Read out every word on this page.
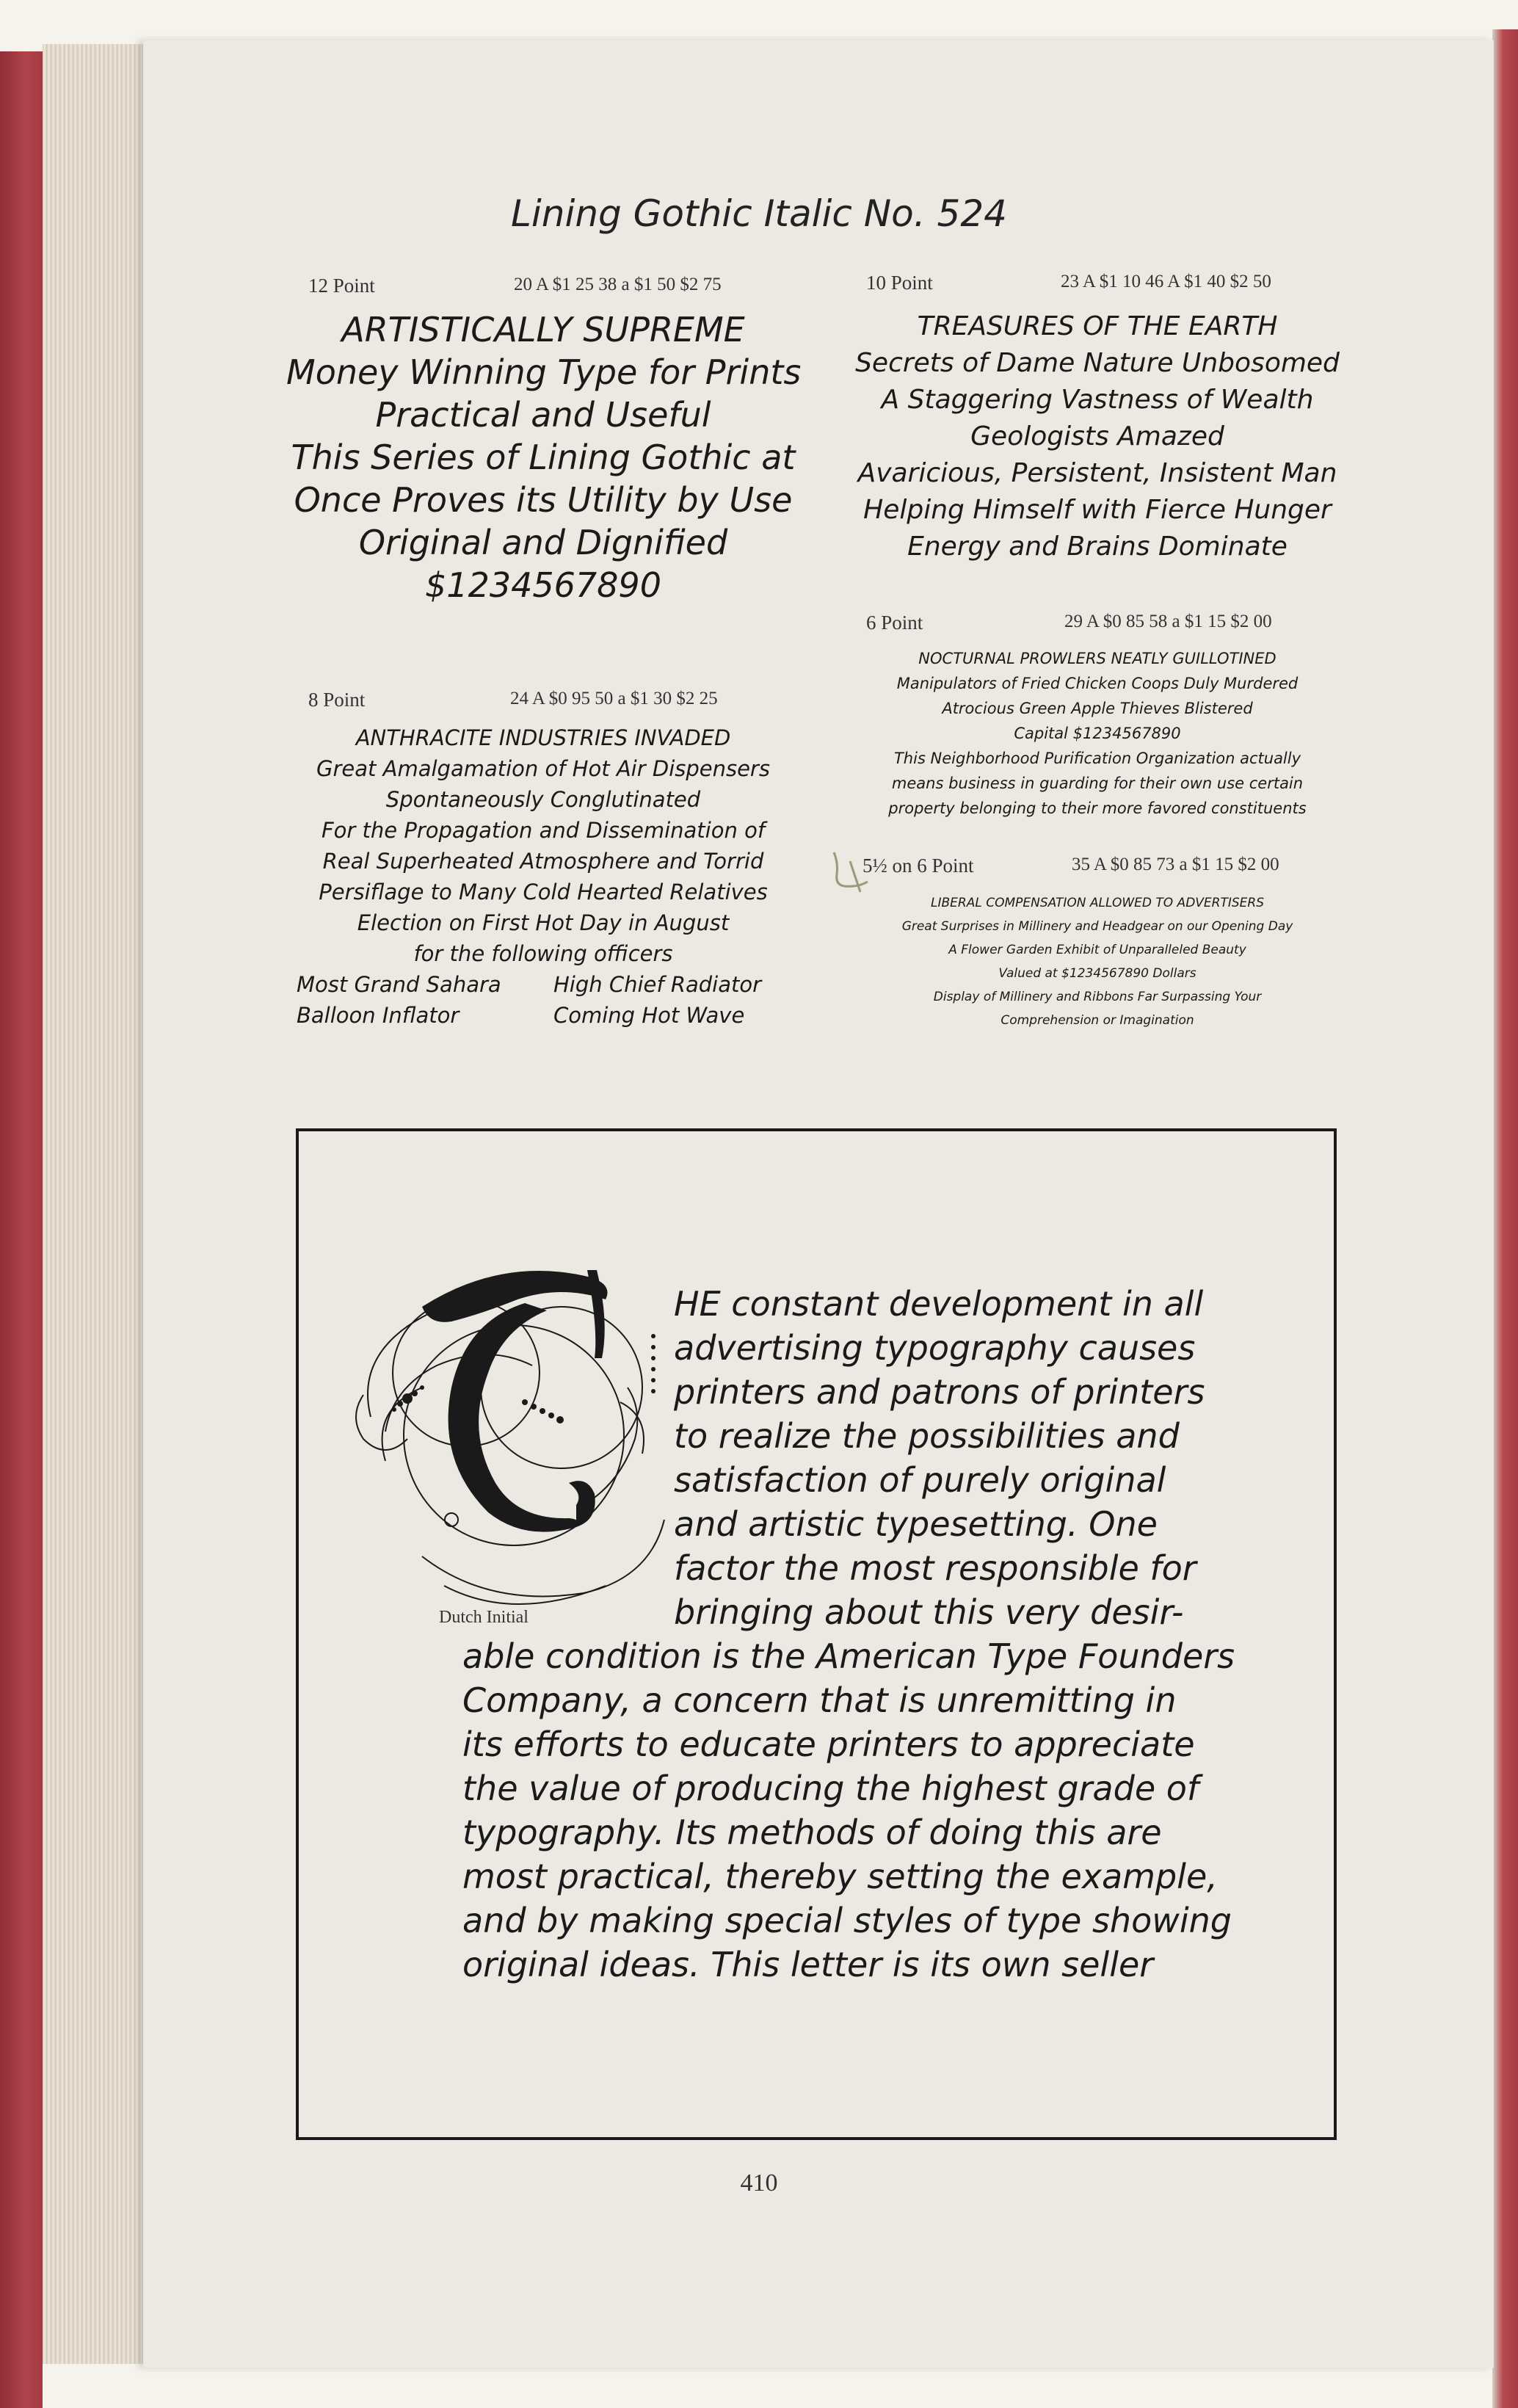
Lining Gothic Italic No. 524
12 Point	20 A $1 25 38 a $1 50 $2 75
ARTISTICALLY SUPREME
Money Winning Type for Prints
Practical and Useful
This Series of Lining Gothic at
Once Proves its Utility by Use
Original and Dignified
$1234567890
10 Point	23 A $1 10 46 A $1 40 $2 50
TREASURES OF THE EARTH
Secrets of Dame Nature Unbosomed
A Staggering Vastness of Wealth
Geologists Amazed
Avaricious, Persistent, Insistent Man
Helping Himself with Fierce Hunger
Energy and Brains Dominate
6 Point	29 A $0 85 58 a $1 15 $2 00
NOCTURNAL PROWLERS NEATLY GUILLOTINED
Manipulators of Fried Chicken Coops Duly Murdered
Atrocious Green Apple Thieves Blistered
Capital $1234567890
This Neighborhood Purification Organization actually
means business in guarding for their own use certain
property belonging to their more favored constituents
8 Point	24 A $0 95 50 a $1 30 $2 25
ANTHRACITE INDUSTRIES INVADED
Great Amalgamation of Hot Air Dispensers
Spontaneously Conglutinated
For the Propagation and Dissemination of
Real Superheated Atmosphere and Torrid
Persiflage to Many Cold Hearted Relatives
Election on First Hot Day in August
for the following officers
Most Grand Sahara	High Chief Radiator
Balloon Inflator	Coming Hot Wave
5½ on 6 Point	35 A $0 85 73 a $1 15 $2 00
LIBERAL COMPENSATION ALLOWED TO ADVERTISERS
Great Surprises in Millinery and Headgear on our Opening Day
A Flower Garden Exhibit of Unparalleled Beauty
Valued at $1234567890 Dollars
Display of Millinery and Ribbons Far Surpassing Your
Comprehension or Imagination
Dutch Initial
HE constant development in all
advertising typography causes
printers and patrons of printers
to realize the possibilities and
satisfaction of purely original
and artistic typesetting. One
factor the most responsible for
bringing about this very desir-
able condition is the American Type Founders
Company, a concern that is unremitting in
its efforts to educate printers to appreciate
the value of producing the highest grade of
typography. Its methods of doing this are
most practical, thereby setting the example,
and by making special styles of type showing
original ideas. This letter is its own seller
410
